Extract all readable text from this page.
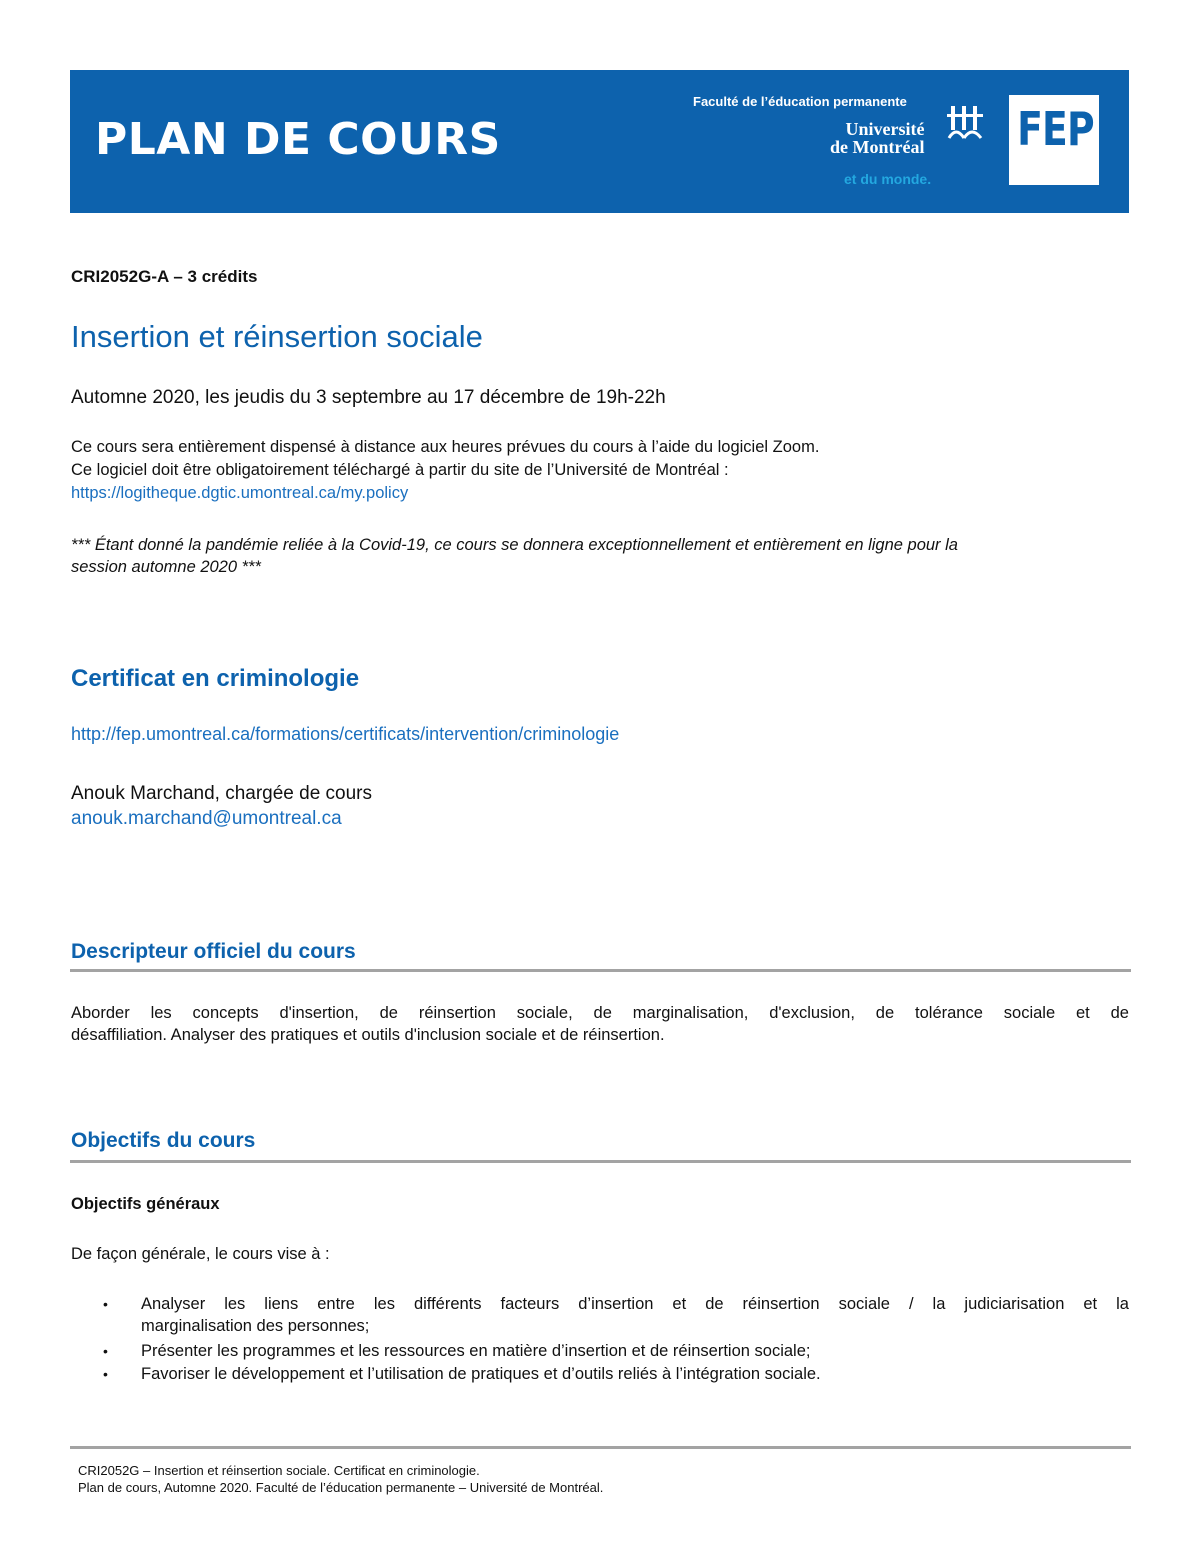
PLAN DE COURS
Faculté de l’éducation permanente
Université
de Montréal
et du monde.
FEP
CRI2052G-A – 3 crédits
Insertion et réinsertion sociale
Automne 2020, les jeudis du 3 septembre au 17 décembre de 19h-22h
Ce cours sera entièrement dispensé à distance aux heures prévues du cours à l’aide du logiciel Zoom.
Ce logiciel doit être obligatoirement téléchargé à partir du site de l’Université de Montréal :
https://logitheque.dgtic.umontreal.ca/my.policy
*** Étant donné la pandémie reliée à la Covid-19, ce cours se donnera exceptionnellement et entièrement en ligne pour la
session automne 2020 ***
Certificat en criminologie
http://fep.umontreal.ca/formations/certificats/intervention/criminologie
Anouk Marchand, chargée de cours
anouk.marchand@umontreal.ca
Descripteur officiel du cours
Aborder les concepts d'insertion, de réinsertion sociale, de marginalisation, d'exclusion, de tolérance sociale et de
désaffiliation. Analyser des pratiques et outils d'inclusion sociale et de réinsertion.
Objectifs du cours
Objectifs généraux
De façon générale, le cours vise à :
• Analyser les liens entre les différents facteurs d’insertion et de réinsertion sociale / la judiciarisation et la
marginalisation des personnes;
• Présenter les programmes et les ressources en matière d’insertion et de réinsertion sociale;
• Favoriser le développement et l’utilisation de pratiques et d’outils reliés à l’intégration sociale.
CRI2052G – Insertion et réinsertion sociale. Certificat en criminologie.
Plan de cours, Automne 2020. Faculté de l’éducation permanente – Université de Montréal.
